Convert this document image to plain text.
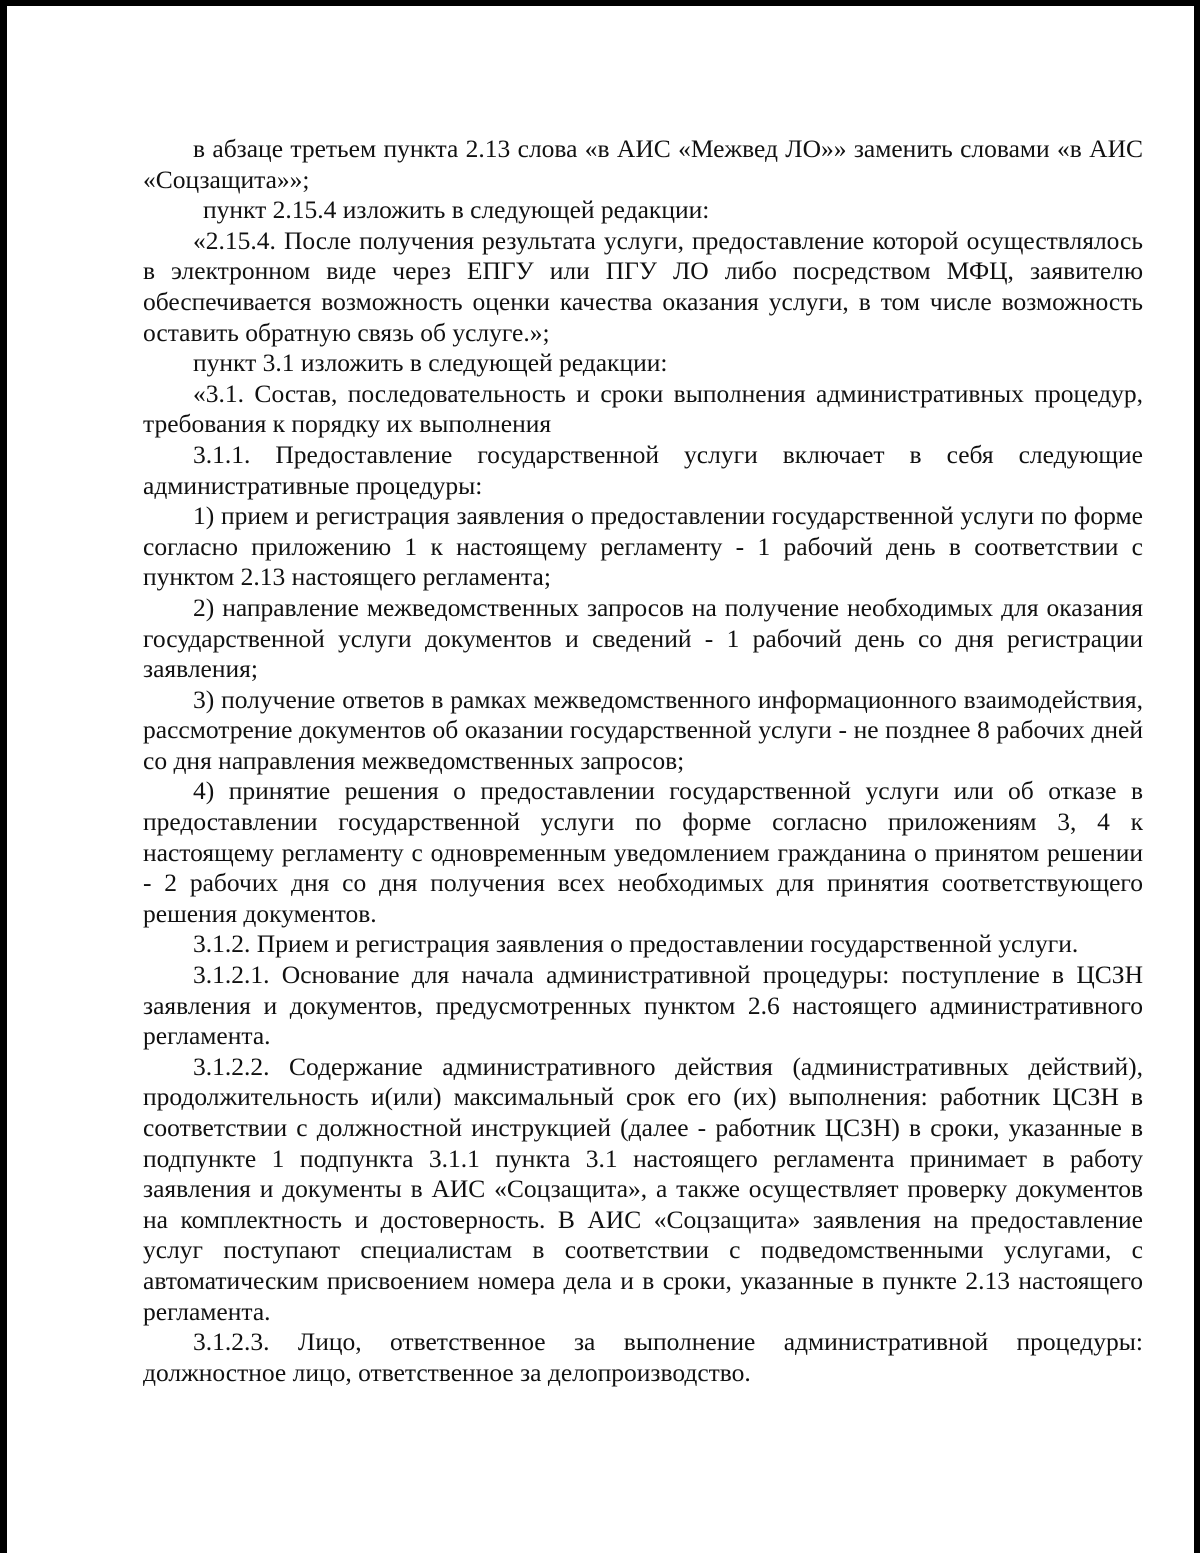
в абзаце третьем пункта 2.13 слова «в АИС «Межвед ЛО»» заменить словами «в АИС «Соцзащита»»;

пункт 2.15.4 изложить в следующей редакции:

«2.15.4. После получения результата услуги, предоставление которой осуществлялось в электронном виде через ЕПГУ или ПГУ ЛО либо посредством МФЦ, заявителю обеспечивается возможность оценки качества оказания услуги, в том числе возможность оставить обратную связь об услуге.»;

пункт 3.1 изложить в следующей редакции:

«3.1. Состав, последовательность и сроки выполнения административных процедур, требования к порядку их выполнения

3.1.1. Предоставление государственной услуги включает в себя следующие административные процедуры:

1) прием и регистрация заявления о предоставлении государственной услуги по форме согласно приложению 1 к настоящему регламенту - 1 рабочий день в соответствии с пунктом 2.13 настоящего регламента;

2) направление межведомственных запросов на получение необходимых для оказания государственной услуги документов и сведений - 1 рабочий день со дня регистрации заявления;

3) получение ответов в рамках межведомственного информационного взаимодействия, рассмотрение документов об оказании государственной услуги - не позднее 8 рабочих дней со дня направления межведомственных запросов;

4) принятие решения о предоставлении государственной услуги или об отказе в предоставлении государственной услуги по форме согласно приложениям 3, 4 к настоящему регламенту с одновременным уведомлением гражданина о принятом решении - 2 рабочих дня со дня получения всех необходимых для принятия соответствующего решения документов.

3.1.2. Прием и регистрация заявления о предоставлении государственной услуги.

3.1.2.1. Основание для начала административной процедуры: поступление в ЦСЗН заявления и документов, предусмотренных пунктом 2.6 настоящего административного регламента.

3.1.2.2. Содержание административного действия (административных действий), продолжительность и(или) максимальный срок его (их) выполнения: работник ЦСЗН в соответствии с должностной инструкцией (далее - работник ЦСЗН) в сроки, указанные в подпункте 1 подпункта 3.1.1 пункта 3.1 настоящего регламента принимает в работу заявления и документы в АИС «Соцзащита», а также осуществляет проверку документов на комплектность и достоверность. В АИС «Соцзащита» заявления на предоставление услуг поступают специалистам в соответствии с подведомственными услугами, с автоматическим присвоением номера дела и в сроки, указанные в пункте 2.13 настоящего регламента.

3.1.2.3. Лицо, ответственное за выполнение административной процедуры: должностное лицо, ответственное за делопроизводство.
